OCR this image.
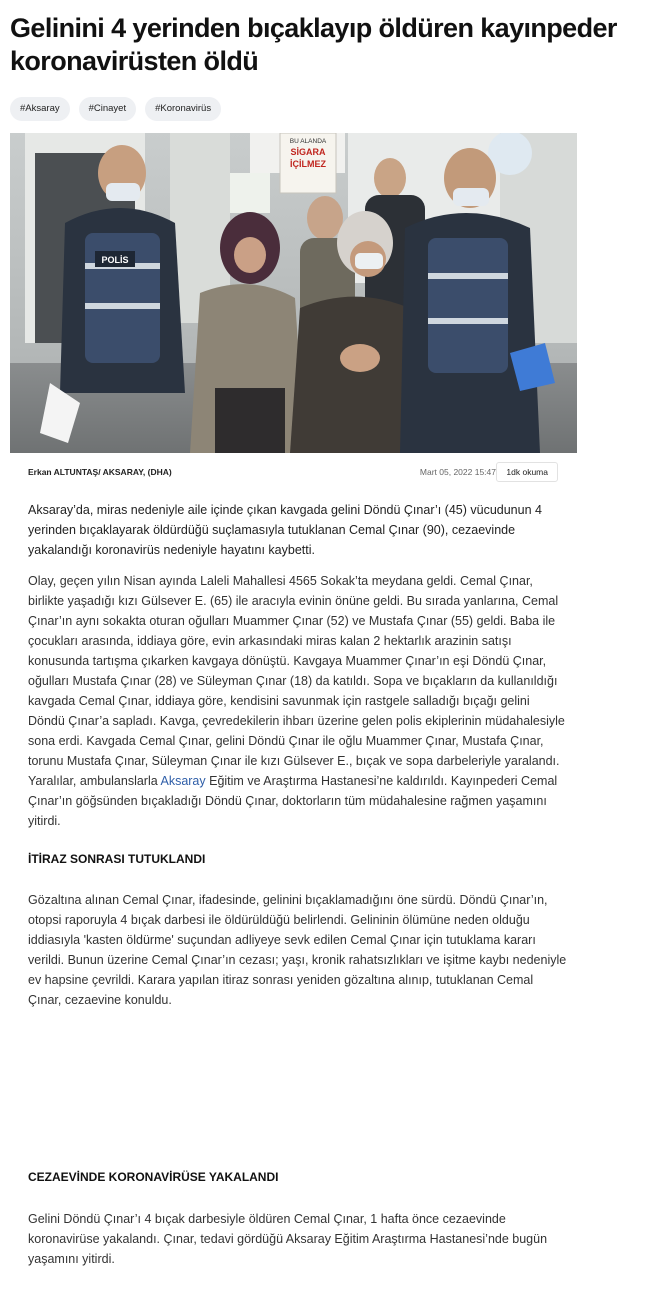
Gelinini 4 yerinden bıçaklayıp öldüren kayınpeder koronavirüsten öldü
#Aksaray	#Cinayet	#Koronavirüs
BU ALANDA
SİGARA
İÇİLMEZ
POLİS
Erkan ALTUNTAŞ/ AKSARAY, (DHA)	Mart 05, 2022 15:47	1dk okuma

Aksaray’da, miras nedeniyle aile içinde çıkan kavgada gelini Döndü Çınar’ı (45) vücudunun 4 yerinden bıçaklayarak öldürdüğü suçlamasıyla tutuklanan Cemal Çınar (90), cezaevinde yakalandığı koronavirüs nedeniyle hayatını kaybetti.

Olay, geçen yılın Nisan ayında Laleli Mahallesi 4565 Sokak’ta meydana geldi. Cemal Çınar, birlikte yaşadığı kızı Gülsever E. (65) ile aracıyla evinin önüne geldi. Bu sırada yanlarına, Cemal Çınar’ın aynı sokakta oturan oğulları Muammer Çınar (52) ve Mustafa Çınar (55) geldi. Baba ile çocukları arasında, iddiaya göre, evin arkasındaki miras kalan 2 hektarlık arazinin satışı konusunda tartışma çıkarken kavgaya dönüştü. Kavgaya Muammer Çınar’ın eşi Döndü Çınar, oğulları Mustafa Çınar (28) ve Süleyman Çınar (18) da katıldı. Sopa ve bıçakların da kullanıldığı kavgada Cemal Çınar, iddiaya göre, kendisini savunmak için rastgele salladığı bıçağı gelini Döndü Çınar’a sapladı. Kavga, çevredekilerin ihbarı üzerine gelen polis ekiplerinin müdahalesiyle sona erdi. Kavgada Cemal Çınar, gelini Döndü Çınar ile oğlu Muammer Çınar, Mustafa Çınar, torunu Mustafa Çınar, Süleyman Çınar ile kızı Gülsever E., bıçak ve sopa darbeleriyle yaralandı. Yaralılar, ambulanslarla Aksaray Eğitim ve Araştırma Hastanesi’ne kaldırıldı. Kayınpederi Cemal Çınar’ın göğsünden bıçakladığı Döndü Çınar, doktorların tüm müdahalesine rağmen yaşamını yitirdi.

İTİRAZ SONRASI TUTUKLANDI

Gözaltına alınan Cemal Çınar, ifadesinde, gelinini bıçaklamadığını öne sürdü. Döndü Çınar’ın, otopsi raporuyla 4 bıçak darbesi ile öldürüldüğü belirlendi. Gelininin ölümüne neden olduğu iddiasıyla 'kasten öldürme' suçundan adliyeye sevk edilen Cemal Çınar için tutuklama kararı verildi. Bunun üzerine Cemal Çınar’ın cezası; yaşı, kronik rahatsızlıkları ve işitme kaybı nedeniyle ev hapsine çevrildi. Karara yapılan itiraz sonrası yeniden gözaltına alınıp, tutuklanan Cemal Çınar, cezaevine konuldu.

CEZAEVİNDE KORONAVİRÜSE YAKALANDI

Gelini Döndü Çınar’ı 4 bıçak darbesiyle öldüren Cemal Çınar, 1 hafta önce cezaevinde koronavirüse yakalandı. Çınar, tedavi gördüğü Aksaray Eğitim Araştırma Hastanesi’nde bugün yaşamını yitirdi.
